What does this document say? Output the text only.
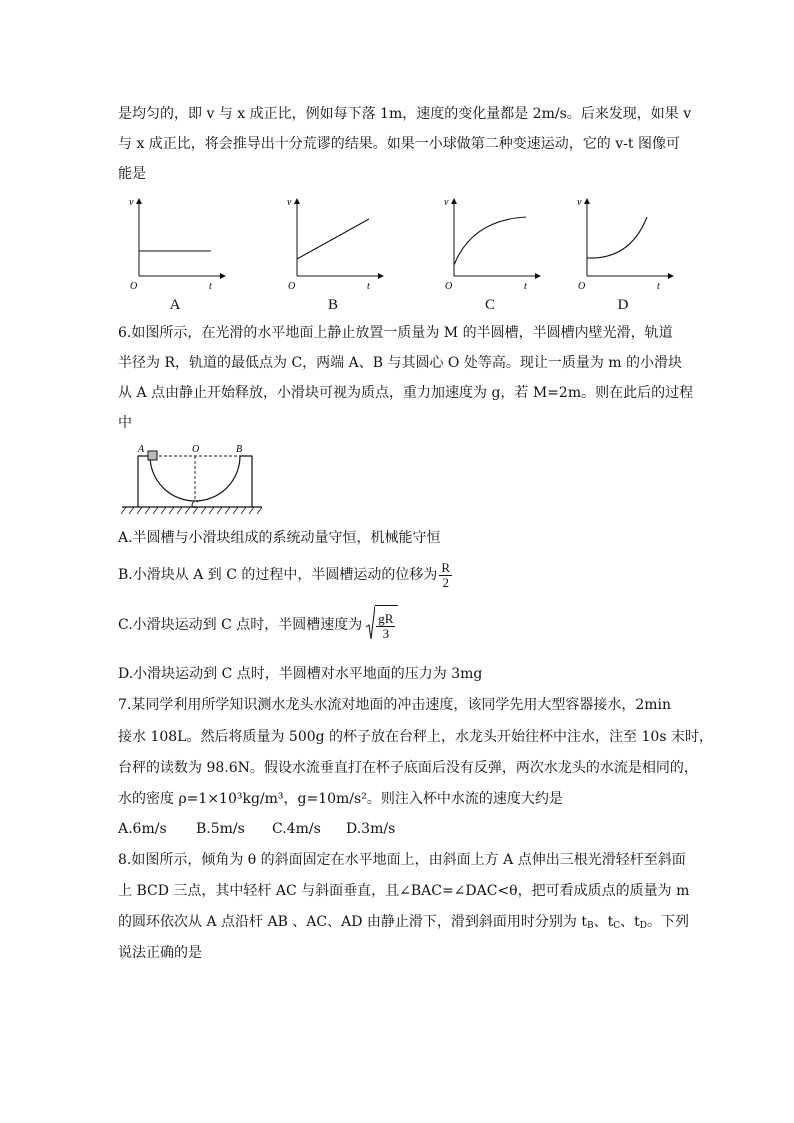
是均匀的，即 v 与 x 成正比，例如每下落 1m，速度的变化量都是 2m/s。后来发现，如果 v
与 x 成正比，将会推导出十分荒谬的结果。如果一小球做第二种变速运动，它的 v-t 图像可
能是
v
O	t
A
v
O	t
B
v
O	t
C
v
O	t
D
6.如图所示，在光滑的水平地面上静止放置一质量为 M 的半圆槽，半圆槽内壁光滑，轨道
半径为 R，轨道的最低点为 C，两端 A、B 与其圆心 O 处等高。现让一质量为 m 的小滑块
从 A 点由静止开始释放，小滑块可视为质点，重力加速度为 g，若 M=2m。则在此后的过程
中
A	O	B
C
A.半圆槽与小滑块组成的系统动量守恒，机械能守恒
B.小滑块从 A 到 C 的过程中，半圆槽运动的位移为 $\frac{R}{2}$
C.小滑块运动到 C 点时，半圆槽速度为 $\frac{gR}{3}$
D.小滑块运动到 C 点时，半圆槽对水平地面的压力为 3mg
7.某同学利用所学知识测水龙头水流对地面的冲击速度，该同学先用大型容器接水，2min
接水 108L。然后将质量为 500g 的杯子放在台秤上，水龙头开始往杯中注水，注至 10s 末时，
台秤的读数为 98.6N。假设水流垂直打在杯子底面后没有反弹，两次水龙头的水流是相同的，
水的密度 ρ=1×10³kg/m³，g=10m/s²。则注入杯中水流的速度大约是
A.6m/s B.5m/s C.4m/s D.3m/s
8.如图所示，倾角为 θ 的斜面固定在水平地面上，由斜面上方 A 点伸出三根光滑轻杆至斜面
上 BCD 三点，其中轻杆 AC 与斜面垂直，且∠BAC=∠DAC<θ，把可看成质点的质量为 m
的圆环依次从 A 点沿杆 AB 、AC、AD 由静止滑下，滑到斜面用时分别为 $t_B$、$t_C$、$t_D$。下列
说法正确的是
